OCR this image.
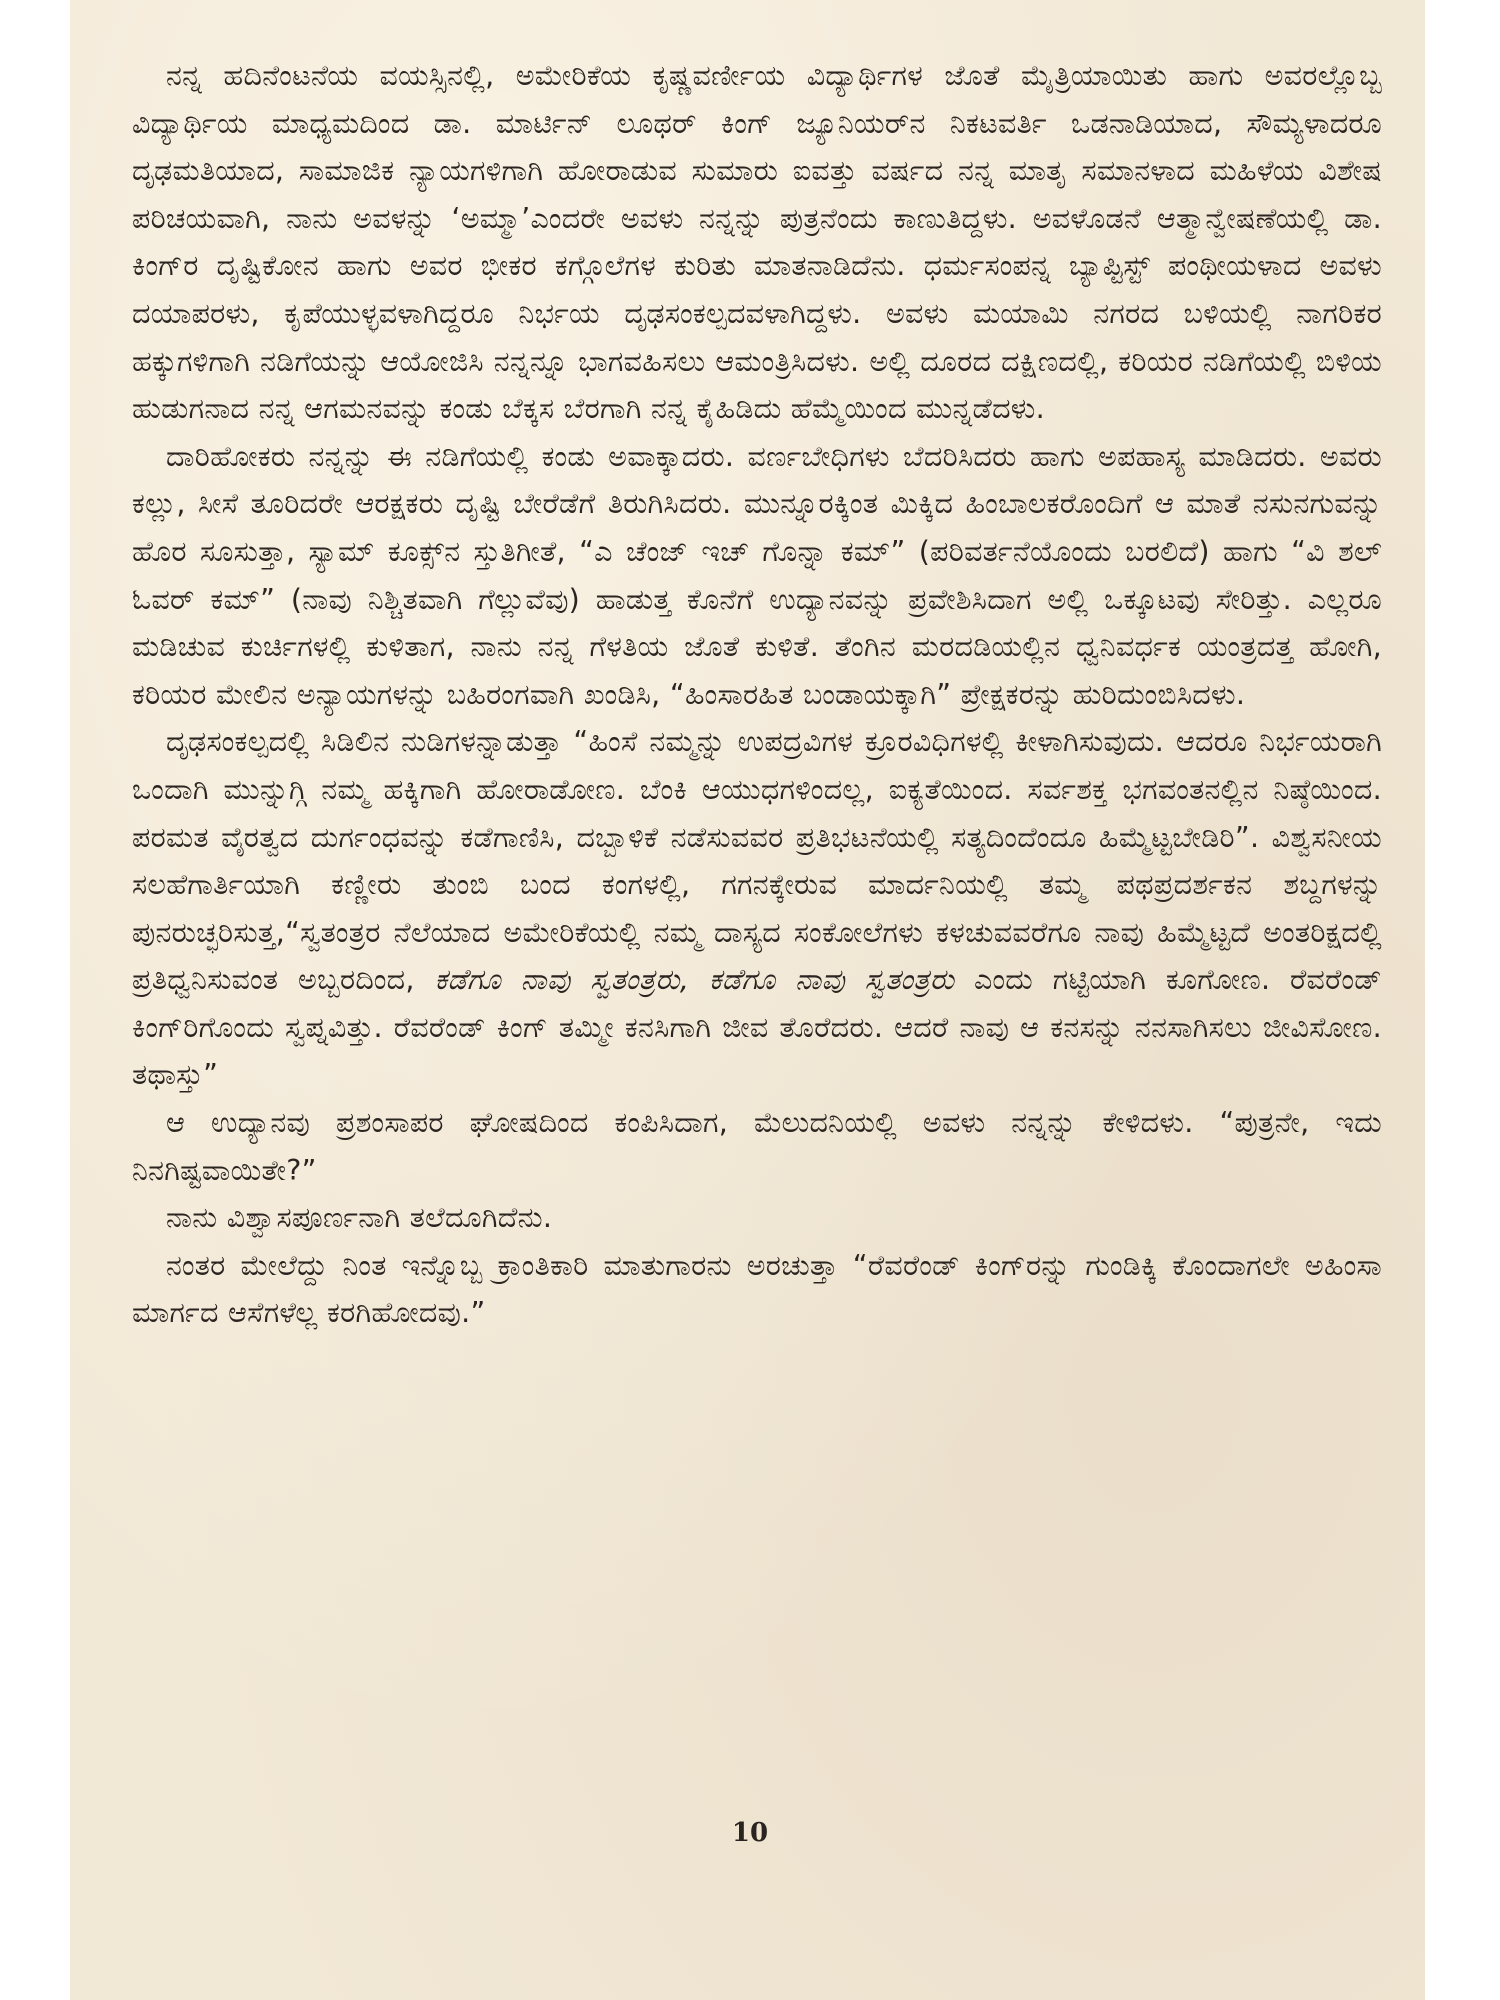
ನನ್ನ ಹದಿನೆಂಟನೆಯ ವಯಸ್ಸಿನಲ್ಲಿ, ಅಮೇರಿಕೆಯ ಕೃಷ್ಣವರ್ಣೀಯ ವಿದ್ಯಾರ್ಥಿಗಳ ಜೊತೆ ಮೈತ್ರಿಯಾಯಿತು ಹಾಗು ಅವರಲ್ಲೊಬ್ಬ ವಿದ್ಯಾರ್ಥಿಯ ಮಾಧ್ಯಮದಿಂದ ಡಾ. ಮಾರ್ಟಿನ್ ಲೂಥರ್ ಕಿಂಗ್ ಜ್ಯೂನಿಯರ್‌ನ ನಿಕಟವರ್ತಿ ಒಡನಾಡಿಯಾದ, ಸೌಮ್ಯಳಾದರೂ ದೃಢಮತಿಯಾದ, ಸಾಮಾಜಿಕ ನ್ಯಾಯಗಳಿಗಾಗಿ ಹೋರಾಡುವ ಸುಮಾರು ಐವತ್ತು ವರ್ಷದ ನನ್ನ ಮಾತೃ ಸಮಾನಳಾದ ಮಹಿಳೆಯ ವಿಶೇಷ ಪರಿಚಯವಾಗಿ, ನಾನು ಅವಳನ್ನು ‘ಅಮ್ಮಾ’ಎಂದರೇ ಅವಳು ನನ್ನನ್ನು ಪುತ್ರನೆಂದು ಕಾಣುತಿದ್ದಳು. ಅವಳೊಡನೆ ಆತ್ಮಾನ್ವೇಷಣೆಯಲ್ಲಿ ಡಾ. ಕಿಂಗ್‌ರ ದೃಷ್ಟಿಕೋನ ಹಾಗು ಅವರ ಭೀಕರ ಕಗ್ಗೊಲೆಗಳ ಕುರಿತು ಮಾತನಾಡಿದೆನು. ಧರ್ಮಸಂಪನ್ನ ಬ್ಯಾಪ್ಟಿಸ್ಟ್ ಪಂಥೀಯಳಾದ ಅವಳು ದಯಾಪರಳು, ಕೃಪೆಯುಳ್ಳವಳಾಗಿದ್ದರೂ ನಿರ್ಭಯ ದೃಢಸಂಕಲ್ಪದವಳಾಗಿದ್ದಳು. ಅವಳು ಮಯಾಮಿ ನಗರದ ಬಳಿಯಲ್ಲಿ ನಾಗರಿಕರ ಹಕ್ಕುಗಳಿಗಾಗಿ ನಡಿಗೆಯನ್ನು ಆಯೋಜಿಸಿ ನನ್ನನ್ನೂ ಭಾಗವಹಿಸಲು ಆಮಂತ್ರಿಸಿದಳು. ಅಲ್ಲಿ ದೂರದ ದಕ್ಷಿಣದಲ್ಲಿ, ಕರಿಯರ ನಡಿಗೆಯಲ್ಲಿ ಬಿಳಿಯ ಹುಡುಗನಾದ ನನ್ನ ಆಗಮನವನ್ನು ಕಂಡು ಬೆಕ್ಕಸ ಬೆರಗಾಗಿ ನನ್ನ ಕೈಹಿಡಿದು ಹೆಮ್ಮೆಯಿಂದ ಮುನ್ನಡೆದಳು.

ದಾರಿಹೋಕರು ನನ್ನನ್ನು ಈ ನಡಿಗೆಯಲ್ಲಿ ಕಂಡು ಅವಾಕ್ಕಾದರು. ವರ್ಣಬೇಧಿಗಳು ಬೆದರಿಸಿದರು ಹಾಗು ಅಪಹಾಸ್ಯ ಮಾಡಿದರು. ಅವರು ಕಲ್ಲು, ಸೀಸೆ ತೂರಿದರೇ ಆರಕ್ಷಕರು ದೃಷ್ಟಿ ಬೇರೆಡೆಗೆ ತಿರುಗಿಸಿದರು. ಮುನ್ನೂರಕ್ಕಿಂತ ಮಿಕ್ಕಿದ ಹಿಂಬಾಲಕರೊಂದಿಗೆ ಆ ಮಾತೆ ನಸುನಗುವನ್ನು ಹೊರ ಸೂಸುತ್ತಾ, ಸ್ಯಾಮ್ ಕೂಕ್ಸ್‌ನ ಸ್ತುತಿಗೀತೆ, “ಎ ಚೆಂಜ್ ಇಚ್ ಗೊನ್ನಾ ಕಮ್” (ಪರಿವರ್ತನೆಯೊಂದು ಬರಲಿದೆ) ಹಾಗು “ವಿ ಶಲ್ ಓವರ್ ಕಮ್” (ನಾವು ನಿಶ್ಚಿತವಾಗಿ ಗೆಲ್ಲುವೆವು) ಹಾಡುತ್ತ ಕೊನೆಗೆ ಉದ್ಯಾನವನ್ನು ಪ್ರವೇಶಿಸಿದಾಗ ಅಲ್ಲಿ ಒಕ್ಕೂಟವು ಸೇರಿತ್ತು. ಎಲ್ಲರೂ ಮಡಿಚುವ ಕುರ್ಚಿಗಳಲ್ಲಿ ಕುಳಿತಾಗ, ನಾನು ನನ್ನ ಗೆಳತಿಯ ಜೊತೆ ಕುಳಿತೆ. ತೆಂಗಿನ ಮರದಡಿಯಲ್ಲಿನ ಧ್ವನಿವರ್ಧಕ ಯಂತ್ರದತ್ತ ಹೋಗಿ, ಕರಿಯರ ಮೇಲಿನ ಅನ್ಯಾಯಗಳನ್ನು ಬಹಿರಂಗವಾಗಿ ಖಂಡಿಸಿ, “ಹಿಂಸಾರಹಿತ ಬಂಡಾಯಕ್ಕಾಗಿ” ಪ್ರೇಕ್ಷಕರನ್ನು ಹುರಿದುಂಬಿಸಿದಳು.

ದೃಢಸಂಕಲ್ಪದಲ್ಲಿ ಸಿಡಿಲಿನ ನುಡಿಗಳನ್ನಾಡುತ್ತಾ “ಹಿಂಸೆ ನಮ್ಮನ್ನು ಉಪದ್ರವಿಗಳ ಕ್ರೂರವಿಧಿಗಳಲ್ಲಿ ಕೀಳಾಗಿಸುವುದು. ಆದರೂ ನಿರ್ಭಯರಾಗಿ ಒಂದಾಗಿ ಮುನ್ನುಗ್ಗಿ ನಮ್ಮ ಹಕ್ಕಿಗಾಗಿ ಹೋರಾಡೋಣ. ಬೆಂಕಿ ಆಯುಧಗಳಿಂದಲ್ಲ, ಐಕ್ಯತೆಯಿಂದ. ಸರ್ವಶಕ್ತ ಭಗವಂತನಲ್ಲಿನ ನಿಷ್ಠೆಯಿಂದ. ಪರಮತ ವೈರತ್ವದ ದುರ್ಗಂಧವನ್ನು ಕಡೆಗಾಣಿಸಿ, ದಬ್ಬಾಳಿಕೆ ನಡೆಸುವವರ ಪ್ರತಿಭಟನೆಯಲ್ಲಿ ಸತ್ಯದಿಂದೆಂದೂ ಹಿಮ್ಮೆಟ್ಟಬೇಡಿರಿ”. ವಿಶ್ವಸನೀಯ ಸಲಹೆಗಾರ್ತಿಯಾಗಿ ಕಣ್ಣೀರು ತುಂಬಿ ಬಂದ ಕಂಗಳಲ್ಲಿ, ಗಗನಕ್ಕೇರುವ ಮಾರ್ದನಿಯಲ್ಲಿ ತಮ್ಮ ಪಥಪ್ರದರ್ಶಕನ ಶಬ್ದಗಳನ್ನು ಪುನರುಚ್ಛರಿಸುತ್ತ,“ಸ್ವತಂತ್ರರ ನೆಲೆಯಾದ ಅಮೇರಿಕೆಯಲ್ಲಿ ನಮ್ಮ ದಾಸ್ಯದ ಸಂಕೋಲೆಗಳು ಕಳಚುವವರೆಗೂ ನಾವು ಹಿಮ್ಮೆಟ್ಟದೆ ಅಂತರಿಕ್ಷದಲ್ಲಿ ಪ್ರತಿಧ್ವನಿಸುವಂತ ಅಬ್ಬರದಿಂದ, ಕಡೆಗೂ ನಾವು ಸ್ವತಂತ್ರರು, ಕಡೆಗೂ ನಾವು ಸ್ವತಂತ್ರರು ಎಂದು ಗಟ್ಟಿಯಾಗಿ ಕೂಗೋಣ. ರೆವರೆಂಡ್ ಕಿಂಗ್‌ರಿಗೊಂದು ಸ್ವಪ್ನವಿತ್ತು. ರೆವರೆಂಡ್ ಕಿಂಗ್ ತಮ್ಮೀ ಕನಸಿಗಾಗಿ ಜೀವ ತೊರೆದರು. ಆದರೆ ನಾವು ಆ ಕನಸನ್ನು ನನಸಾಗಿಸಲು ಜೀವಿಸೋಣ. ತಥಾಸ್ತು”

ಆ ಉದ್ಯಾನವು ಪ್ರಶಂಸಾಪರ ಘೋಷದಿಂದ ಕಂಪಿಸಿದಾಗ, ಮೆಲುದನಿಯಲ್ಲಿ ಅವಳು ನನ್ನನ್ನು ಕೇಳಿದಳು. “ಪುತ್ರನೇ, ಇದು ನಿನಗಿಷ್ಟವಾಯಿತೇ?”

ನಾನು ವಿಶ್ವಾಸಪೂರ್ಣನಾಗಿ ತಲೆದೂಗಿದೆನು.

ನಂತರ ಮೇಲೆದ್ದು ನಿಂತ ಇನ್ನೊಬ್ಬ ಕ್ರಾಂತಿಕಾರಿ ಮಾತುಗಾರನು ಅರಚುತ್ತಾ “ರೆವರೆಂಡ್ ಕಿಂಗ್‌ರನ್ನು ಗುಂಡಿಕ್ಕಿ ಕೊಂದಾಗಲೇ ಅಹಿಂಸಾ ಮಾರ್ಗದ ಆಸೆಗಳೆಲ್ಲ ಕರಗಿಹೋದವು.”

10
